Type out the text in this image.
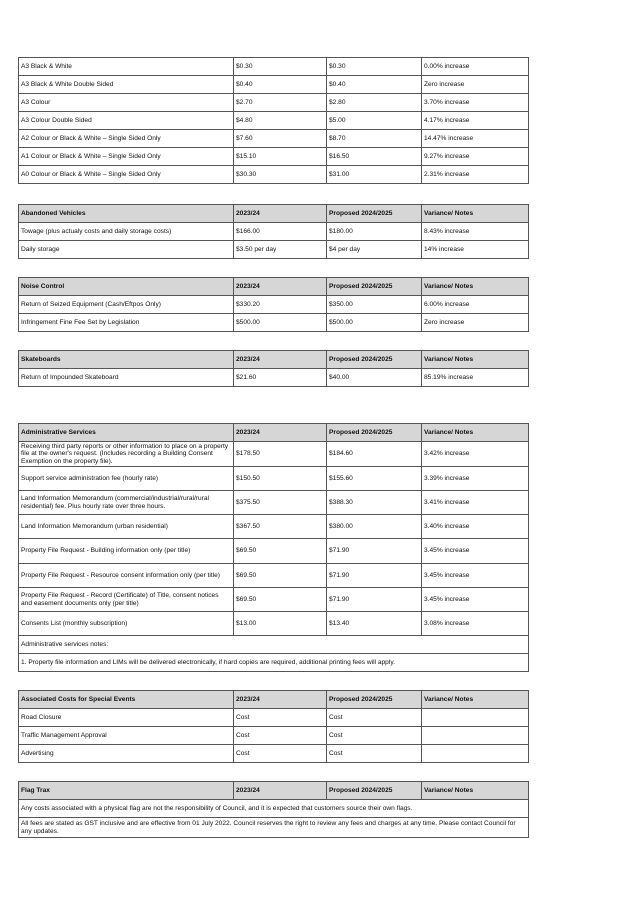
A3 Black & White	$0.30	$0.30	0.00% increase
A3 Black & White Double Sided	$0.40	$0.40	Zero increase
A3 Colour	$2.70	$2.80	3.70% increase
A3 Colour Double Sided	$4.80	$5.00	4.17% increase
A2 Colour or Black & White – Single Sided Only	$7.60	$8.70	14.47% increase
A1 Colour or Black & White – Single Sided Only	$15.10	$16.50	9.27% increase
A0 Colour or Black & White – Single Sided Only	$30.30	$31.00	2.31% increase
Abandoned Vehicles	2023/24	Proposed 2024/2025	Variance/ Notes
Towage (plus actualy costs and daily storage costs)	$166.00	$180.00	8.43% increase
Daily storage	$3.50 per day	$4 per day	14% increase
Noise Control	2023/24	Proposed 2024/2025	Variance/ Notes
Return of Seized Equipment (Cash/Eftpos Only)	$330.20	$350.00	6.00% increase
Infringement Fine Fee Set by Legislation	$500.00	$500.00	Zero increase
Skateboards	2023/24	Proposed 2024/2025	Variance/ Notes
Return of Impounded Skateboard	$21.60	$40.00	85.19% increase
Administrative Services	2023/24	Proposed 2024/2025	Variance/ Notes
Receiving third party reports or other information to place on a property file at the owner's request. (Includes recording a Building Consent Exemption on the property file).	$178.50	$184.60	3.42% increase
Support service administration fee (hourly rate)	$150.50	$155.60	3.39% increase
Land Information Memorandum (commercial/industrial/rural/rural residential) fee. Plus hourly rate over three hours.	$375.50	$388.30	3.41% increase
Land Information Memorandum (urban residential)	$367.50	$380.00	3.40% increase
Property File Request - Building information only (per title)	$69.50	$71.90	3.45% increase
Property File Request - Resource consent information only (per title)	$69.50	$71.90	3.45% increase
Property File Request - Record (Certificate) of Title, consent notices and easement documents only (per title)	$69.50	$71.90	3.45% increase
Consents List (monthly subscription)	$13.00	$13.40	3.08% increase
Administrative services notes:			
1. Property file information and LIMs will be delivered electronically, if hard copies are required, additional printing fees will apply.			
Associated Costs for Special Events	2023/24	Proposed 2024/2025	Variance/ Notes
Road Closure	Cost	Cost	
Traffic Management Approval	Cost	Cost	
Advertising	Cost	Cost	
Flag Trax	2023/24	Proposed 2024/2025	Variance/ Notes
Any costs associated with a physical flag are not the responsibility of Council, and it is expected that customers source their own flags.
All fees are stated as GST inclusive and are effective from 01 July 2022. Council reserves the right to review any fees and charges at any time. Please contact Council for any updates.
